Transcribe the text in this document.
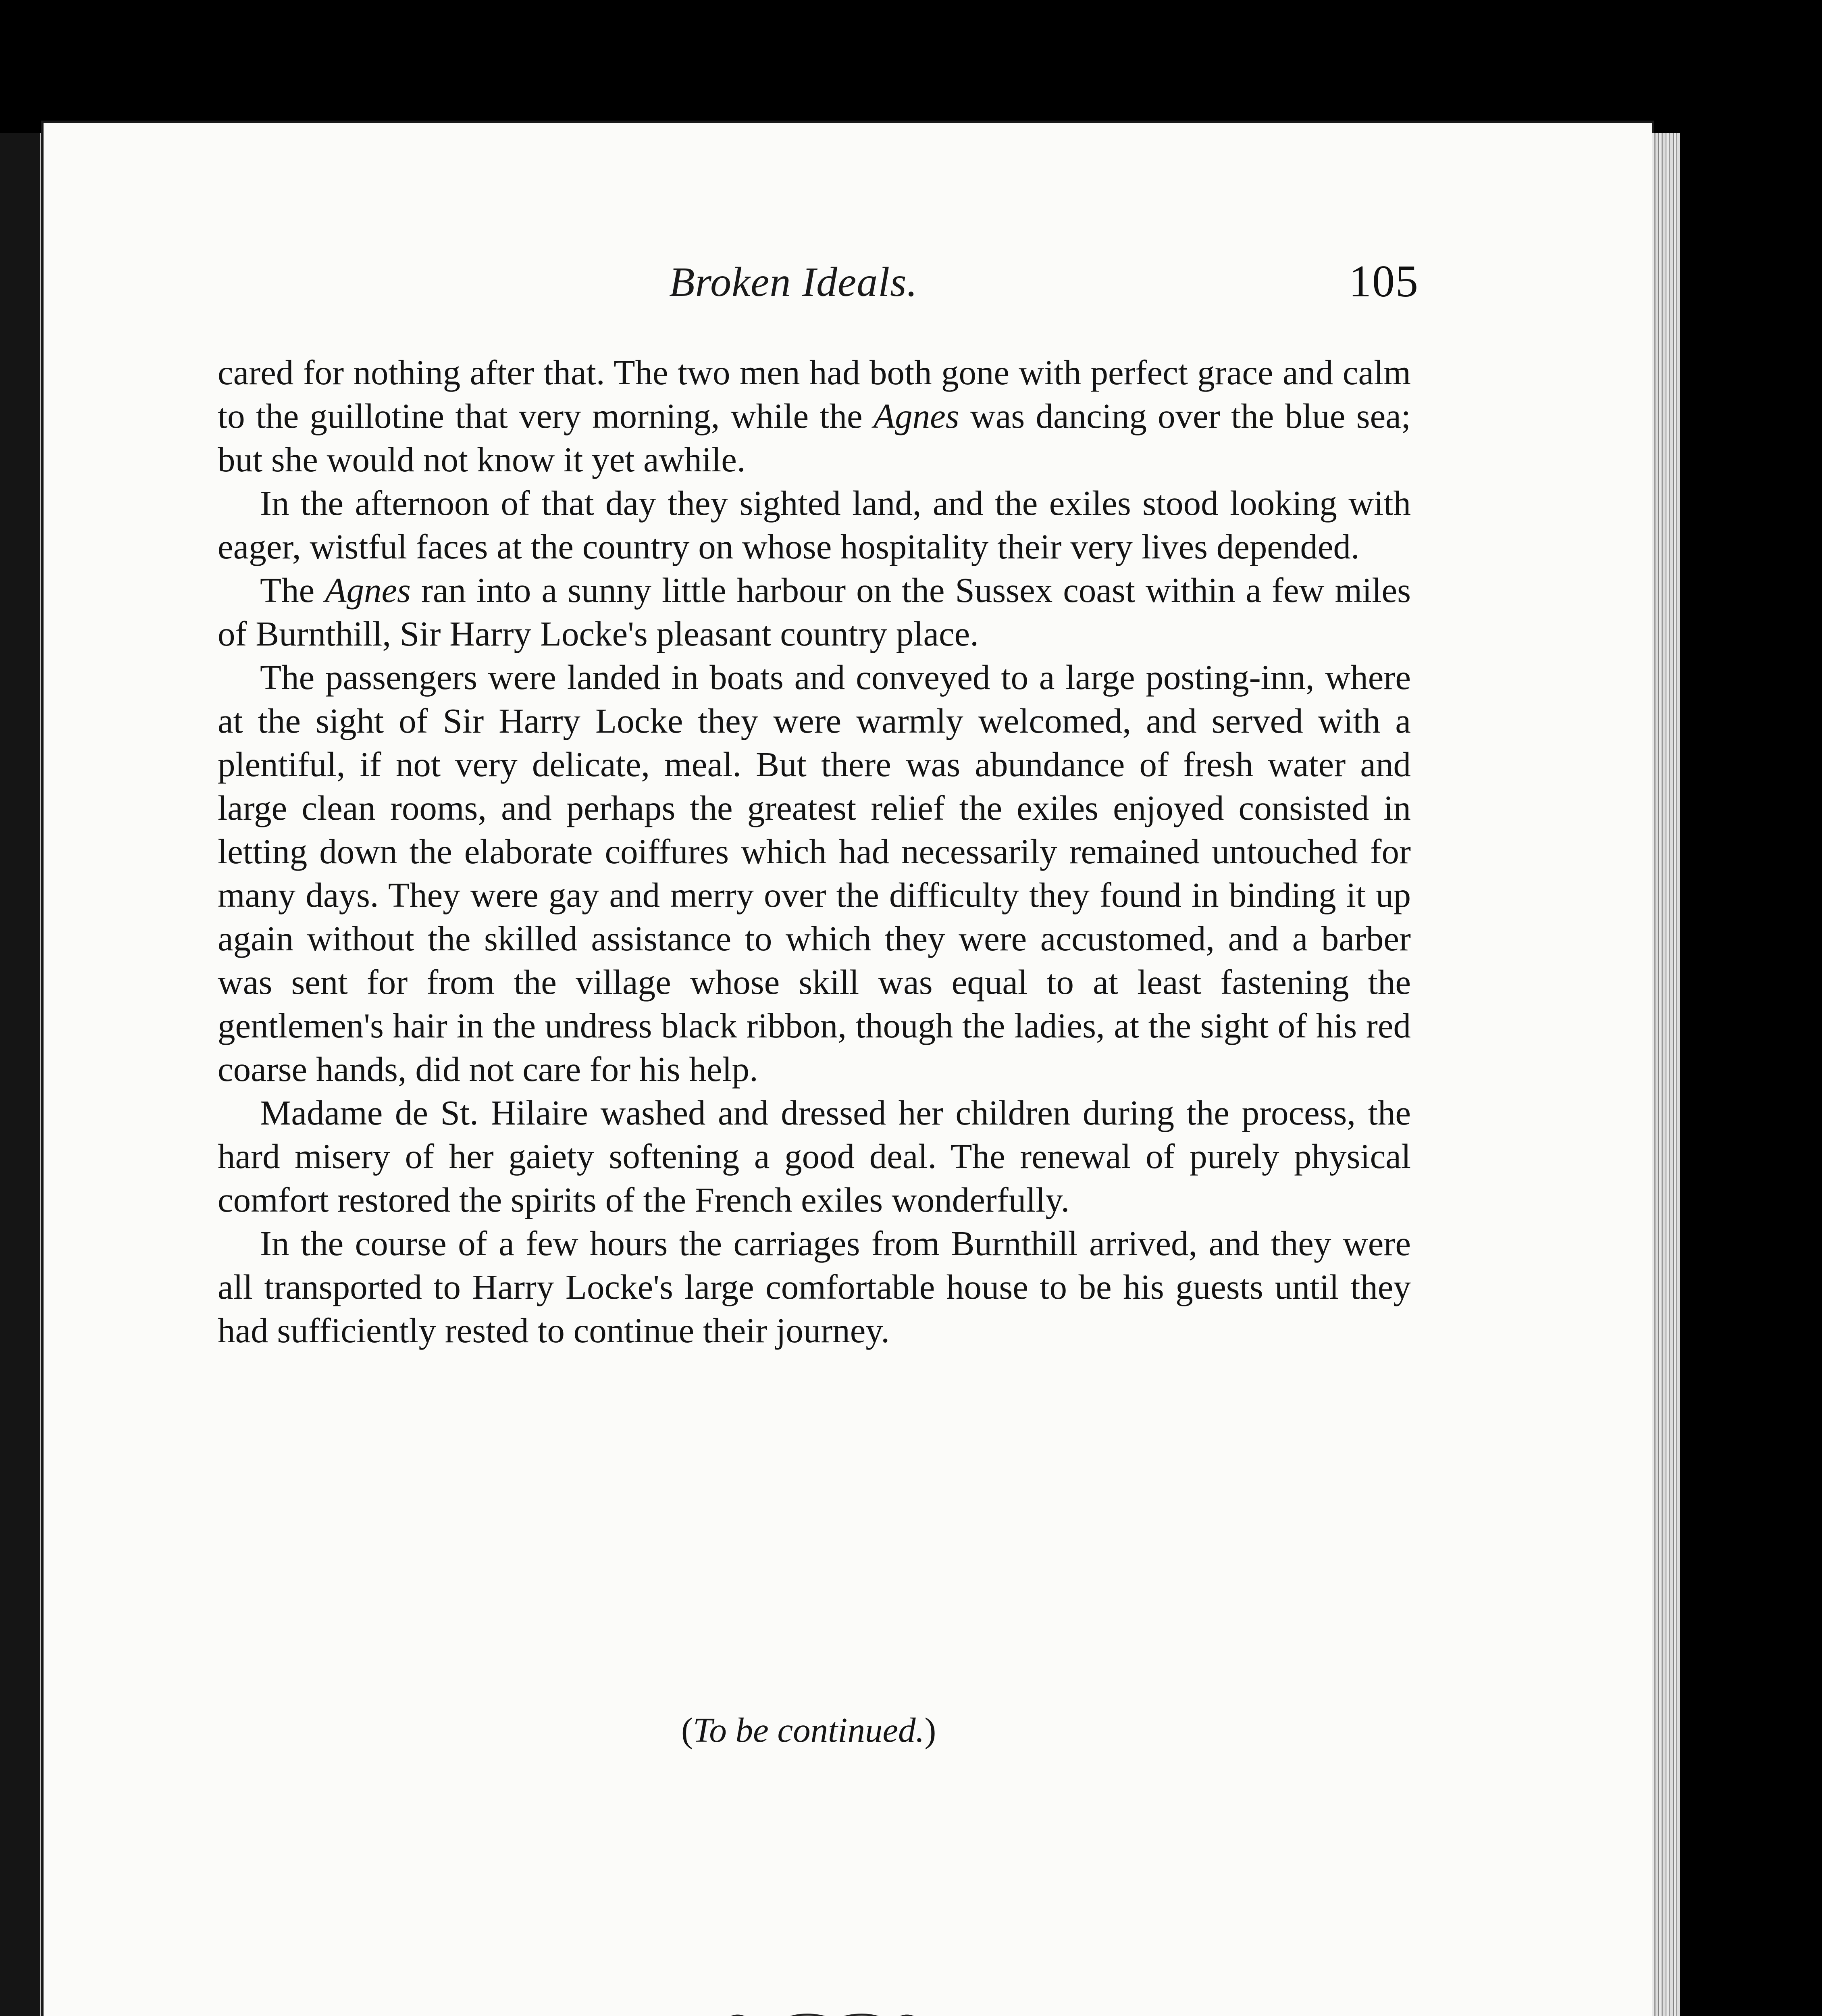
Broken Ideals.	105

cared for nothing after that. The two men had both gone with perfect grace and calm to the guillotine that very morning, while the Agnes was dancing over the blue sea; but she would not know it yet awhile.

In the afternoon of that day they sighted land, and the exiles stood looking with eager, wistful faces at the country on whose hospitality their very lives depended.

The Agnes ran into a sunny little harbour on the Sussex coast within a few miles of Burnthill, Sir Harry Locke's pleasant country place.

The passengers were landed in boats and conveyed to a large posting-inn, where at the sight of Sir Harry Locke they were warmly welcomed, and served with a plentiful, if not very delicate, meal. But there was abundance of fresh water and large clean rooms, and perhaps the greatest relief the exiles enjoyed consisted in letting down the elaborate coiffures which had necessarily remained untouched for many days. They were gay and merry over the difficulty they found in binding it up again without the skilled assistance to which they were accustomed, and a barber was sent for from the village whose skill was equal to at least fastening the gentlemen's hair in the undress black ribbon, though the ladies, at the sight of his red coarse hands, did not care for his help.

Madame de St. Hilaire washed and dressed her children during the process, the hard misery of her gaiety softening a good deal. The renewal of purely physical comfort restored the spirits of the French exiles wonderfully.

In the course of a few hours the carriages from Burnthill arrived, and they were all transported to Harry Locke's large comfortable house to be his guests until they had sufficiently rested to continue their journey.

(To be continued.)
